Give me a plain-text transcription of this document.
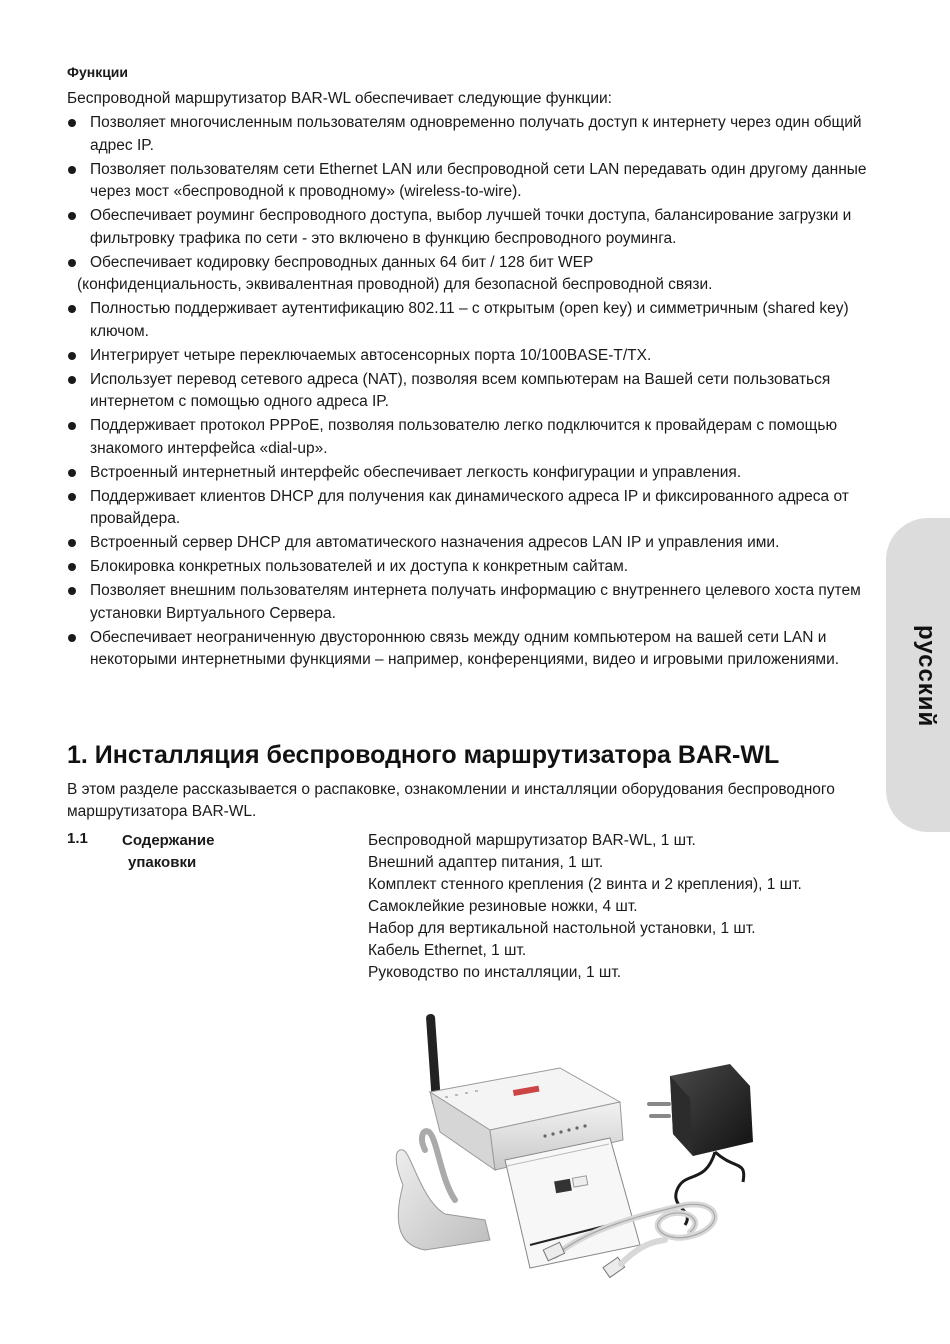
Функции

Беспроводной маршрутизатор BAR-WL обеспечивает следующие функции:

Позволяет многочисленным пользователям одновременно получать доступ к интернету через один общий адрес IP.
Позволяет пользователям сети Ethernet LAN или беспроводной сети LAN передавать один другому данные через мост «беспроводной к проводному» (wireless-to-wire).
Обеспечивает роуминг беспроводного доступа, выбор лучшей точки доступа, балансирование загрузки и фильтровку трафика по сети - это включено в функцию беспроводного роуминга.
Обеспечивает кодировку беспроводных данных 64 бит / 128 бит WEP
(конфиденциальность, эквивалентная проводной) для безопасной беспроводной связи.
Полностью поддерживает аутентификацию 802.11 – с открытым (open key) и симметричным (shared key) ключом.
Интегрирует четыре переключаемых автосенсорных порта 10/100BASE-T/TX.
Использует перевод сетевого адреса (NAT), позволяя всем компьютерам на Вашей сети пользоваться интернетом с помощью одного адреса IP.
Поддерживает протокол PPPoE, позволяя пользователю легко подключится к провайдерам с помощью знакомого интерфейса «dial-up».
Встроенный интернетный интерфейс обеспечивает легкость конфигурации и управления.
Поддерживает клиентов DHCP для получения как динамического адреса IP и фиксированного адреса от провайдера.
Встроенный сервер DHCP для автоматического назначения адресов LAN IP и управления ими.
Блокировка конкретных пользователей и их доступа к конкретным сайтам.
Позволяет внешним пользователям интернета получать информацию с внутреннего целевого хоста путем установки Виртуального Сервера.
Обеспечивает неограниченную двустороннюю связь между одним компьютером на вашей сети LAN и некоторыми интернетными функциями – например, конференциями, видео и игровыми приложениями.	русский
1. Инсталляция беспроводного маршрутизатора BAR-WL

В этом разделе рассказывается о распаковке, ознакомлении и инсталляции оборудования беспроводного маршрутизатора BAR-WL.

1.1 Содержание
упаковки
Беспроводной маршрутизатор BAR-WL, 1 шт.
Внешний адаптер питания, 1 шт.
Комплект стенного крепления (2 винта и 2 крепления), 1 шт.
Самоклейкие резиновые ножки, 4 шт.
Набор для вертикальной настольной установки, 1 шт.
Кабель Ethernet, 1 шт.
Руководство по инсталляции, 1 шт.
